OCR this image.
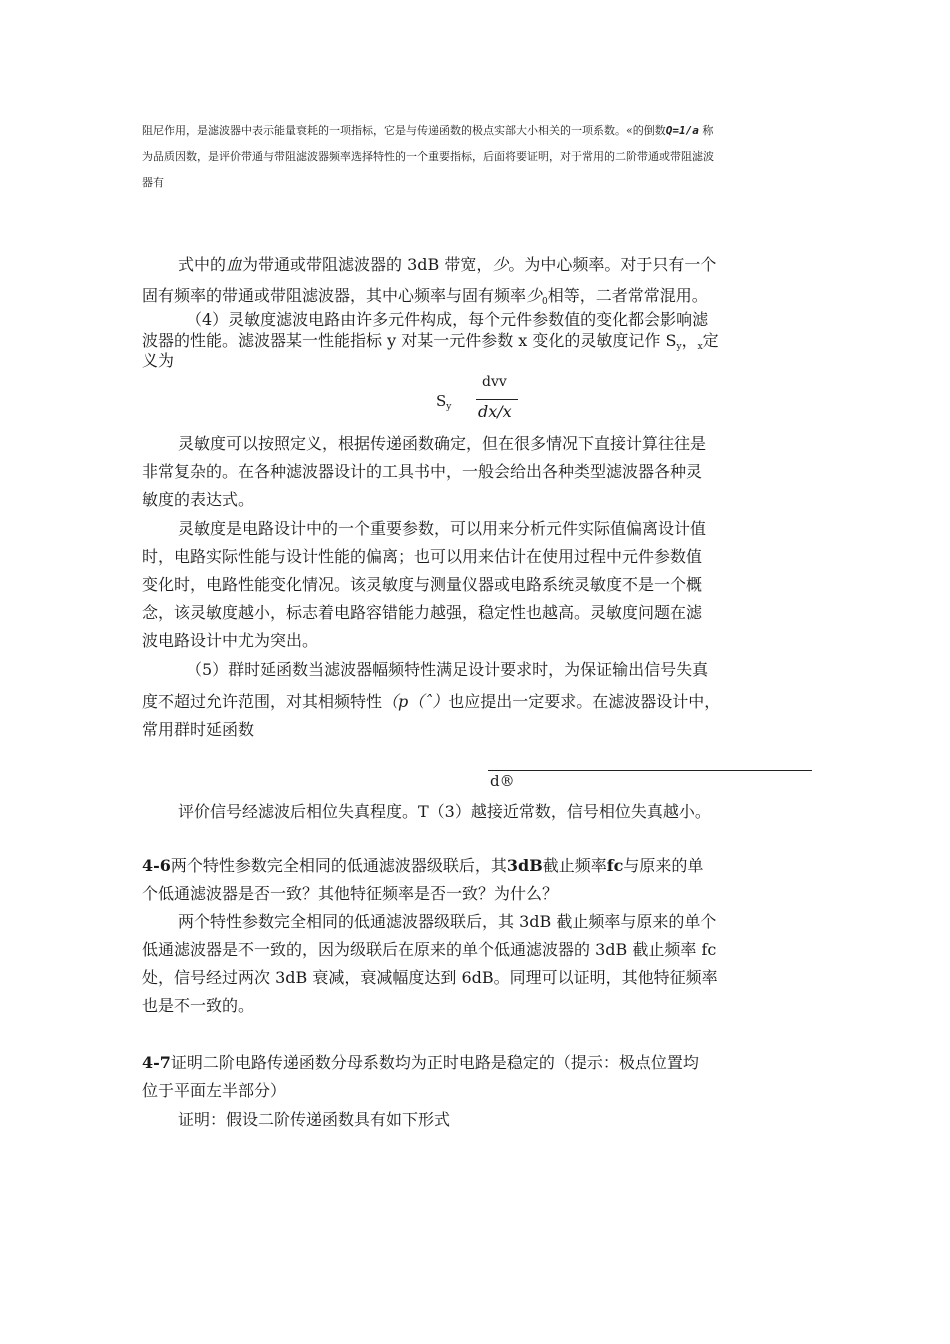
阻尼作用，是滤波器中表示能量衰耗的一项指标，它是与传递函数的极点实部大小相关的一项系数。«的倒数Q=1/a 称
为品质因数，是评价带通与带阻滤波器频率选择特性的一个重要指标，后面将要证明，对于常用的二阶带通或带阻滤波
器有
式中的血为带通或带阻滤波器的 3dB 带宽，少。为中心频率。对于只有一个
固有频率的带通或带阻滤波器，其中心频率与固有频率少$_0$相等，二者常常混用。
（4）灵敏度滤波电路由许多元件构成，每个元件参数值的变化都会影响滤
波器的性能。滤波器某一性能指标 y 对某一元件参数 x 变化的灵敏度记作 $S_y$，$_x$定
义为
$S_y$
dvv
dx/x
灵敏度可以按照定义，根据传递函数确定，但在很多情况下直接计算往往是
非常复杂的。在各种滤波器设计的工具书中，一般会给出各种类型滤波器各种灵
敏度的表达式。
灵敏度是电路设计中的一个重要参数，可以用来分析元件实际值偏离设计值
时，电路实际性能与设计性能的偏离；也可以用来估计在使用过程中元件参数值
变化时，电路性能变化情况。该灵敏度与测量仪器或电路系统灵敏度不是一个概
念，该灵敏度越小，标志着电路容错能力越强，稳定性也越高。灵敏度问题在滤
波电路设计中尤为突出。
（5）群时延函数当滤波器幅频特性满足设计要求时，为保证输出信号失真
度不超过允许范围，对其相频特性（p（ˆ）也应提出一定要求。在滤波器设计中，
常用群时延函数
d®
评价信号经滤波后相位失真程度。T（3）越接近常数，信号相位失真越小。
4-6两个特性参数完全相同的低通滤波器级联后，其3dB截止频率fc与原来的单
个低通滤波器是否一致？其他特征频率是否一致？为什么？
两个特性参数完全相同的低通滤波器级联后，其 3dB 截止频率与原来的单个
低通滤波器是不一致的，因为级联后在原来的单个低通滤波器的 3dB 截止频率 fc
处，信号经过两次 3dB 衰减，衰减幅度达到 6dB。同理可以证明，其他特征频率
也是不一致的。
4-7证明二阶电路传递函数分母系数均为正时电路是稳定的（提示：极点位置均
位于平面左半部分）
证明：假设二阶传递函数具有如下形式
